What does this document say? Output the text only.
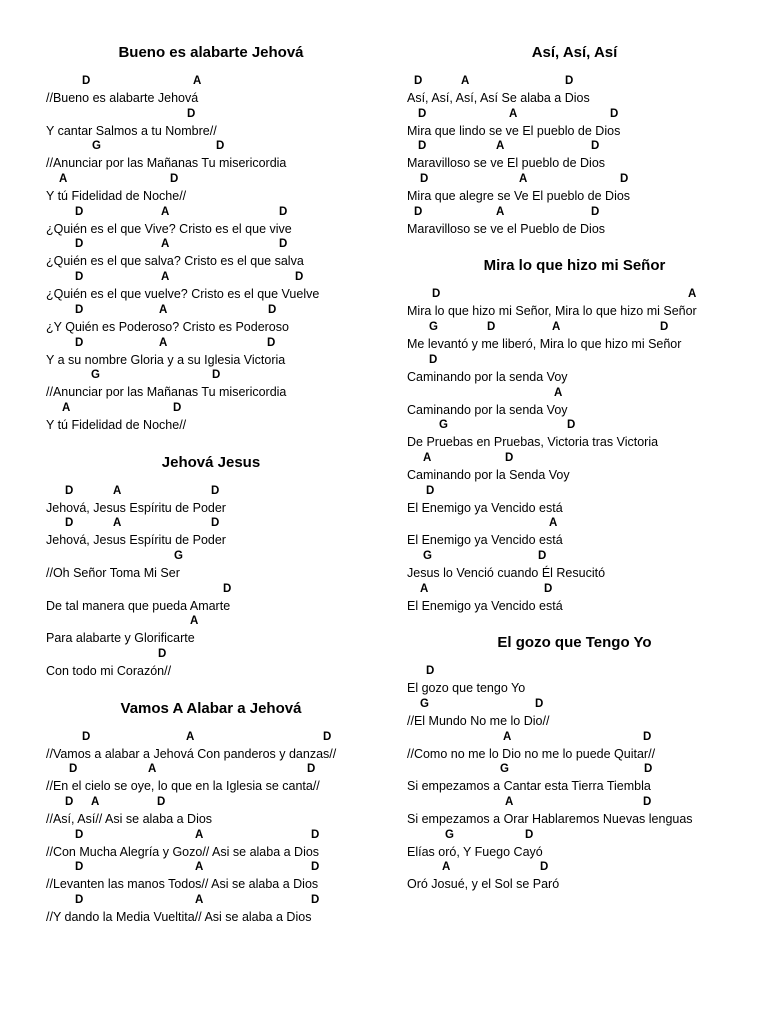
Bueno es alabarte Jehová
D	A
//Bueno es alabarte Jehová
D
Y cantar Salmos a tu Nombre//
G	D
//Anunciar por las Mañanas Tu misericordia
A	D
Y tú Fidelidad de Noche//
D	A	D
¿Quién es el que Vive? Cristo es el que vive
D	A	D
¿Quién es el que salva? Cristo es el que salva
D	A	D
¿Quién es el que vuelve? Cristo es el que Vuelve
D	A	D
¿Y Quién es Poderoso? Cristo es Poderoso
D	A	D
Y a su nombre Gloria y a su Iglesia Victoria
G	D
//Anunciar por las Mañanas Tu misericordia
A	D
Y tú Fidelidad de Noche//
Jehová Jesus
D	A	D
Jehová, Jesus Espíritu de Poder
D	A	D
Jehová, Jesus Espíritu de Poder
G
//Oh Señor Toma Mi Ser
D
De tal manera que pueda Amarte
A
Para alabarte y Glorificarte
D
Con todo mi Corazón//
Vamos A Alabar a Jehová
D	A	D
//Vamos a alabar a Jehová Con panderos y danzas//
D	A	D
//En el cielo se oye, lo que en la Iglesia se canta//
D A	D
//Así, Así// Asi se alaba a Dios
D	A	D
//Con Mucha Alegría y Gozo// Asi se alaba a Dios
D	A	D
//Levanten las manos Todos// Asi se alaba a Dios
D	A	D
//Y dando la Media Vueltita// Asi se alaba a Dios
Así, Así, Así
D	A	D
Así, Así, Así, Así Se alaba a Dios
D	A	D
Mira que lindo se ve El pueblo de Dios
D	A	D
Maravilloso se ve El pueblo de Dios
D	A	D
Mira que alegre se Ve El pueblo de Dios
D	A	D
Maravilloso se ve el Pueblo de Dios
Mira lo que hizo mi Señor
D	A
Mira lo que hizo mi Señor, Mira lo que hizo mi Señor
G	D	A	D
Me levantó y me liberó, Mira lo que hizo mi Señor
D
Caminando por la senda Voy
A
Caminando por la senda Voy
G	D
De Pruebas en Pruebas, Victoria tras Victoria
A	D
Caminando por la Senda Voy
D
El Enemigo ya Vencido está
A
El Enemigo ya Vencido está
G	D
Jesus lo Venció cuando Él Resucitó
A	D
El Enemigo ya Vencido está
El gozo que Tengo Yo
D
El gozo que tengo Yo
G	D
//El Mundo No me lo Dio//
A	D
//Como no me lo Dio no me lo puede Quitar//
G	D
Si empezamos a Cantar esta Tierra Tiembla
A	D
Si empezamos a Orar Hablaremos Nuevas lenguas
G	D
Elías oró, Y Fuego Cayó
A	D
Oró Josué, y el Sol se Paró
